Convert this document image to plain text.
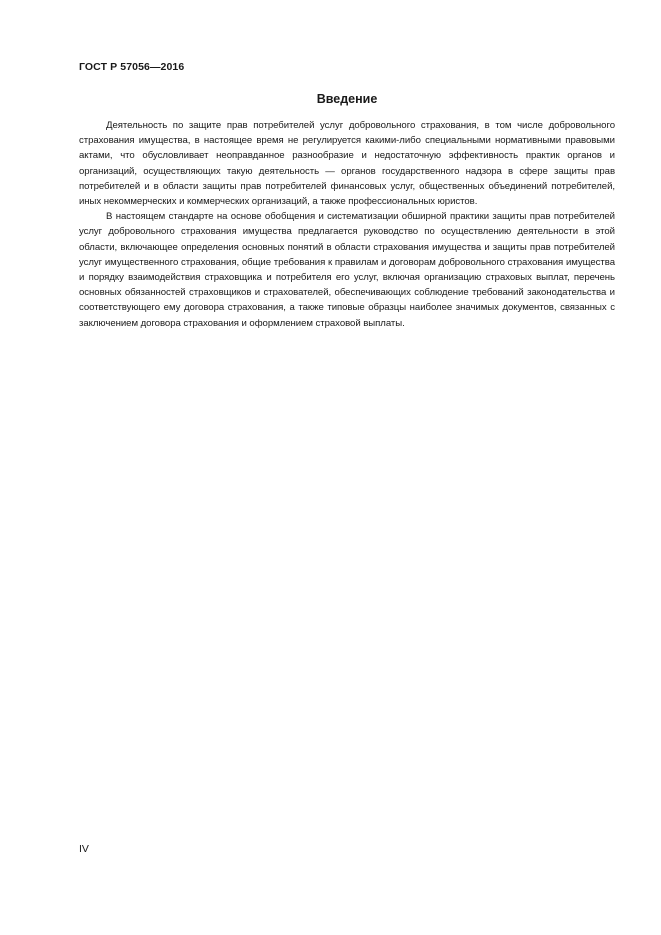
ГОСТ Р 57056—2016
Введение

Деятельность по защите прав потребителей услуг добровольного страхования, в том числе добровольного страхования имущества, в настоящее время не регулируется какими-либо специальными нормативными правовыми актами, что обусловливает неоправданное разнообразие и недостаточную эффективность практик органов и организаций, осуществляющих такую деятельность — органов государственного надзора в сфере защиты прав потребителей и в области защиты прав потребителей финансовых услуг, общественных объединений потребителей, иных некоммерческих и коммерческих организаций, а также профессиональных юристов.

В настоящем стандарте на основе обобщения и систематизации обширной практики защиты прав потребителей услуг добровольного страхования имущества предлагается руководство по осуществлению деятельности в этой области, включающее определения основных понятий в области страхования имущества и защиты прав потребителей услуг имущественного страхования, общие требования к правилам и договорам добровольного страхования имущества и порядку взаимодействия страховщика и потребителя его услуг, включая организацию страховых выплат, перечень основных обязанностей страховщиков и страхователей, обеспечивающих соблюдение требований законодательства и соответствующего ему договора страхования, а также типовые образцы наиболее значимых документов, связанных с заключением договора страхования и оформлением страховой выплаты.

IV
